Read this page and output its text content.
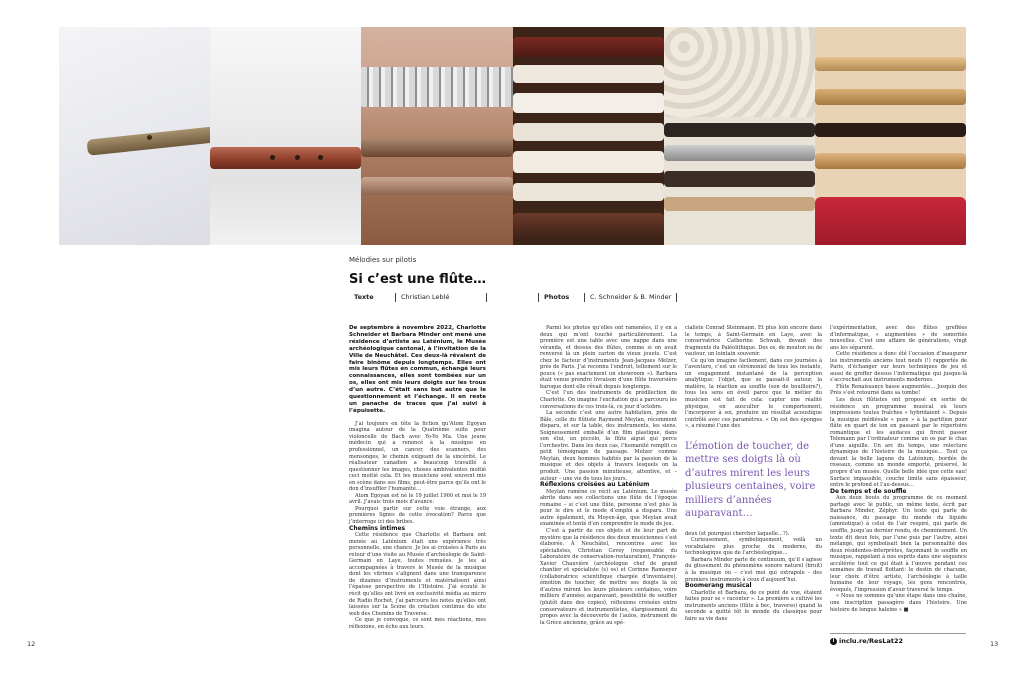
Mélodies sur pilotis
Si c’est une flûte…
Texte	Christian Leblé	Photos	C. Schneider & B. Minder

De septembre à novembre 2022, Charlotte Schneider et Barbara Minder ont mené une résidence d’artiste au Laténium, le Musée archéologique cantonal, à l’invitation de la Ville de Neuchâtel. Ces deux-là rêvaient de faire binôme depuis longtemps. Elles ont mis leurs flûtes en commun, échangé leurs connaissances, elles sont tombées sur un os, elles ont mis leurs doigts sur les trous d’un autre. C’était sans but autre que le questionnement et l’échange. Il en reste un panache de traces que j’ai suivi à l’épuisette.

J’ai toujours en tête la fiction qu’Atom Egoyan imagina autour de la Quatrième suite pour violoncelle de Bach avec Yo-Yo Ma. Une jeune médecin qui a renoncé à la musique en professionnel, un cancer, des scanners, des mensonges, le chemin exigeant de la sincérité. Le réalisateur canadien a beaucoup travaillé à questionner les images, choses ambivalentes moitié ceci moitié cela. Et les musiciens sont souvent mis en scène dans ses films, peut-être parce qu’ils ont le don d’insuffler l’humanité…

Atom Egoyan est né le 19 juillet 1960 et moi le 19 avril. J’avais trois mois d’avance.

Pourquoi partir sur cette voie étrange, aux premières lignes de cette évocation? Parce que j’interroge ici des bribes.

Chemins intimes

Cette résidence que Charlotte et Barbara ont menée au Laténium était une expérience très personnelle, une chance. Je les ai croisées à Paris au retour d’une visite au Musée d’archéologie de Saint-Germain en Laye, toutes remuées. Je les ai accompagnées à travers le Musée de la musique dont les vitrines s’alignent dans une transparence de dizaines d’instruments et matérialisent ainsi l’épaisse perspective de l’Histoire. J’ai écouté le récit qu’elles ont livré en exclusivité média au micro de Radio Rochet, j’ai parcouru les notes qu’elles ont laissées sur la Scène de création continue du site web des Chemins de Traverse.

Ce que je convoque, ce sont mes réactions, mes réflexions, en écho aux leurs.

Parmi les photos qu’elles ont ramenées, il y en a deux qui m’ont touché particulièrement. La première est une table avec une nappe dans une véranda, et dessus des flûtes, comme si on avait renversé là un plein carton de vieux jouets. C’est chez le facteur d’instruments Jean-Jacques Melzer, près de Paris. J’ai reconnu l’endroit, tellement sur le pouce (« pas exactement un showroom »). Barbara était venue prendre livraison d’une flûte traversière baroque dont elle rêvait depuis longtemps.

C’est l’un des instruments de prédilection de Charlotte. On imagine l’excitation qui a parcouru les conversations de ces trois-là, ce jour d’octobre.

La seconde c’est une autre habitation, près de Bâle, celle du flûtiste Raymond Meylan, récemment disparu, et sur la table, des instruments, les siens. Soigneusement emballé d’un film plastique, dans son étui, un piccolo, la flûte aigué qui perce l’orchestre. Dans les deux cas, l’humanité remplit ce petit témoignage de passage. Melzer comme Meylan, deux hommes habités par la passion de la musique et des objets à travers lesquels on la produit. Une passion minutieuse, attentive, et – autour – une vie de tous les jours.

Réflexions croisées au Laténium

Meylan ramène ce récit au Laténium. Le musée abrite dans ses collections une flûte de l’époque romaine – si c’est une flûte, personne n’est plus là pour le dire et le mode d’emploi a disparu. Une autre également, du Moyen-âge, que Meylan avait examinée et tenté d’en comprendre le mode de jeu.

C’est à partir de ces objets et de leur part de mystère que la résidence des deux musiciennes s’est élaborée. À Neuchâtel, rencontres avec les spécialistes, Christian Cevey (responsable du Laboratoire de conservation-restauration), François-Xavier Chauvière (archéologue chef de grand chantier et spécialiste (s) os) et Corinne Ramseyer (collaboratrice scientifique chargée d’inventaire), émotion de toucher, de mettre ses doigts là où d’autres mirent les leurs plusieurs centaines, voire milliers d’années auparavant, possibilité de souffler (plutôt dans des copies), réflexions croisées entre conservateurs et instrumentistes, élargissement du propos avec la découverte de l’aulos, instrument de la Grèce ancienne, grâce au spé-

cialiste Conrad Steinmann. Et plus loin encore dans le temps, à Saint-Germain en Laye, avec la conservatrice Catherine Schwab, devant des fragments du Paléolithique. Des os, de mouton ou de vautour, un lointain souvenir.

Ce qu’on imagine facilement, dans ces journées à l’aventure, c’est un cérémoniel de tous les instants, un engagement instantané de la perception analytique: l’objet, que se passait-il autour, la matière, la réaction au souffle (son de bouilloire?), tous les sens en éveil parce que le métier du musicien est fait de cela: capter une réalité physique, en ausculter le comportement, l’incorporer à soi, produire un résultat acoustique contrôlé avec ces paramètres. « On est des éponges », a résumé l’une des

L’émotion de toucher, de mettre ses doigts là où d’autres mirent les leurs plusieurs centaines, voire milliers d’années auparavant…

deux (et pourquoi chercher laquelle…?).

Curieusement, symboliquement, voilà un vocabulaire plus proche du moderne, du technologique que de l’archéologique…

Barbara Minder parle de continuum, qu’il s’agisse du glissement du phénomène sonore naturel (bruit) à la musique ou – c’est moi qui extrapole - des premiers instruments à ceux d’aujourd’hui.

Boomerang musical

Charlotte et Barbara, de ce point de vue, étaient faites pour se « raconter ». La première a cultivé les instruments anciens (flûte à bec, traverso) quand la seconde a quitté tôt le monde du classique pour faire sa vie dans

l’expérimentation, avec des flûtes greffées d’informatique, « augmentées » de sonorités nouvelles. C’est une affaire de générations, vingt ans les séparent.

Cette résidence a donc été l’occasion d’inaugurer les instruments anciens tout neufs (!) rapportés de Paris, d’échanger sur leurs techniques de jeu et aussi de greffer dessus l’informatique qui jusque-là s’accrochait aux instruments modernes.

Flûte Renaissance basse augmentée… Josquin des Prés s’est retourné dans sa tombe!

Les deux flûtistes ont proposé en sortie de résidence un programme musical où leurs impressions toutes fraîches « hybridaient ». Depuis la musique médiévale « pure » à la partition pour flûte en quart de ton en passant par le répertoire romantique et les audaces qui firent passer Telemann par l’ordinateur comme un os par le chas d’une aiguille. Un arc du temps, une relecture dynamique de l’histoire de la musique… Tout ça devant la belle lagune du Laténium, bordée de roseaux, comme un monde emporté, préservé, le propre d’un musée. Quelle belle idée que cette eau! Surface impassible, couche limite sans épaisseur, entre le profond et l’au-dessus…

De temps et de souffle

Aux deux bouts du programme de ce moment partagé avec le public, un même texte, écrit par Barbara Minder, Zéphyr. Un texte qui parle de naissance, du passage du monde du liquide (amniotique) à celui de l’air respiré, qui parle de souffle, jusqu’au dernier rendu, de cheminement. Un texte dit deux fois, par l’une puis par l’autre, ainsi mélangé, qui symbolisait bien la personnalité des deux résidentes-interprètes, façonnant le souffle en musique, rappelant à nos esprits dans une séquence accélérée tout ce qui était à l’œuvre pendant ces semaines de travail flottant: le destin de chacune, leur choix d’être artiste, l’archéologie à taille humaine de leur voyage, les gens rencontrés, évoqués, l’impression d’avoir traversé le temps.

« Nous ne sommes qu’une étape dans une chaîne, une inscription passagère dans l’histoire. Une histoire de longue haleine » ■

i inclu.re/ResLat22
12	13
